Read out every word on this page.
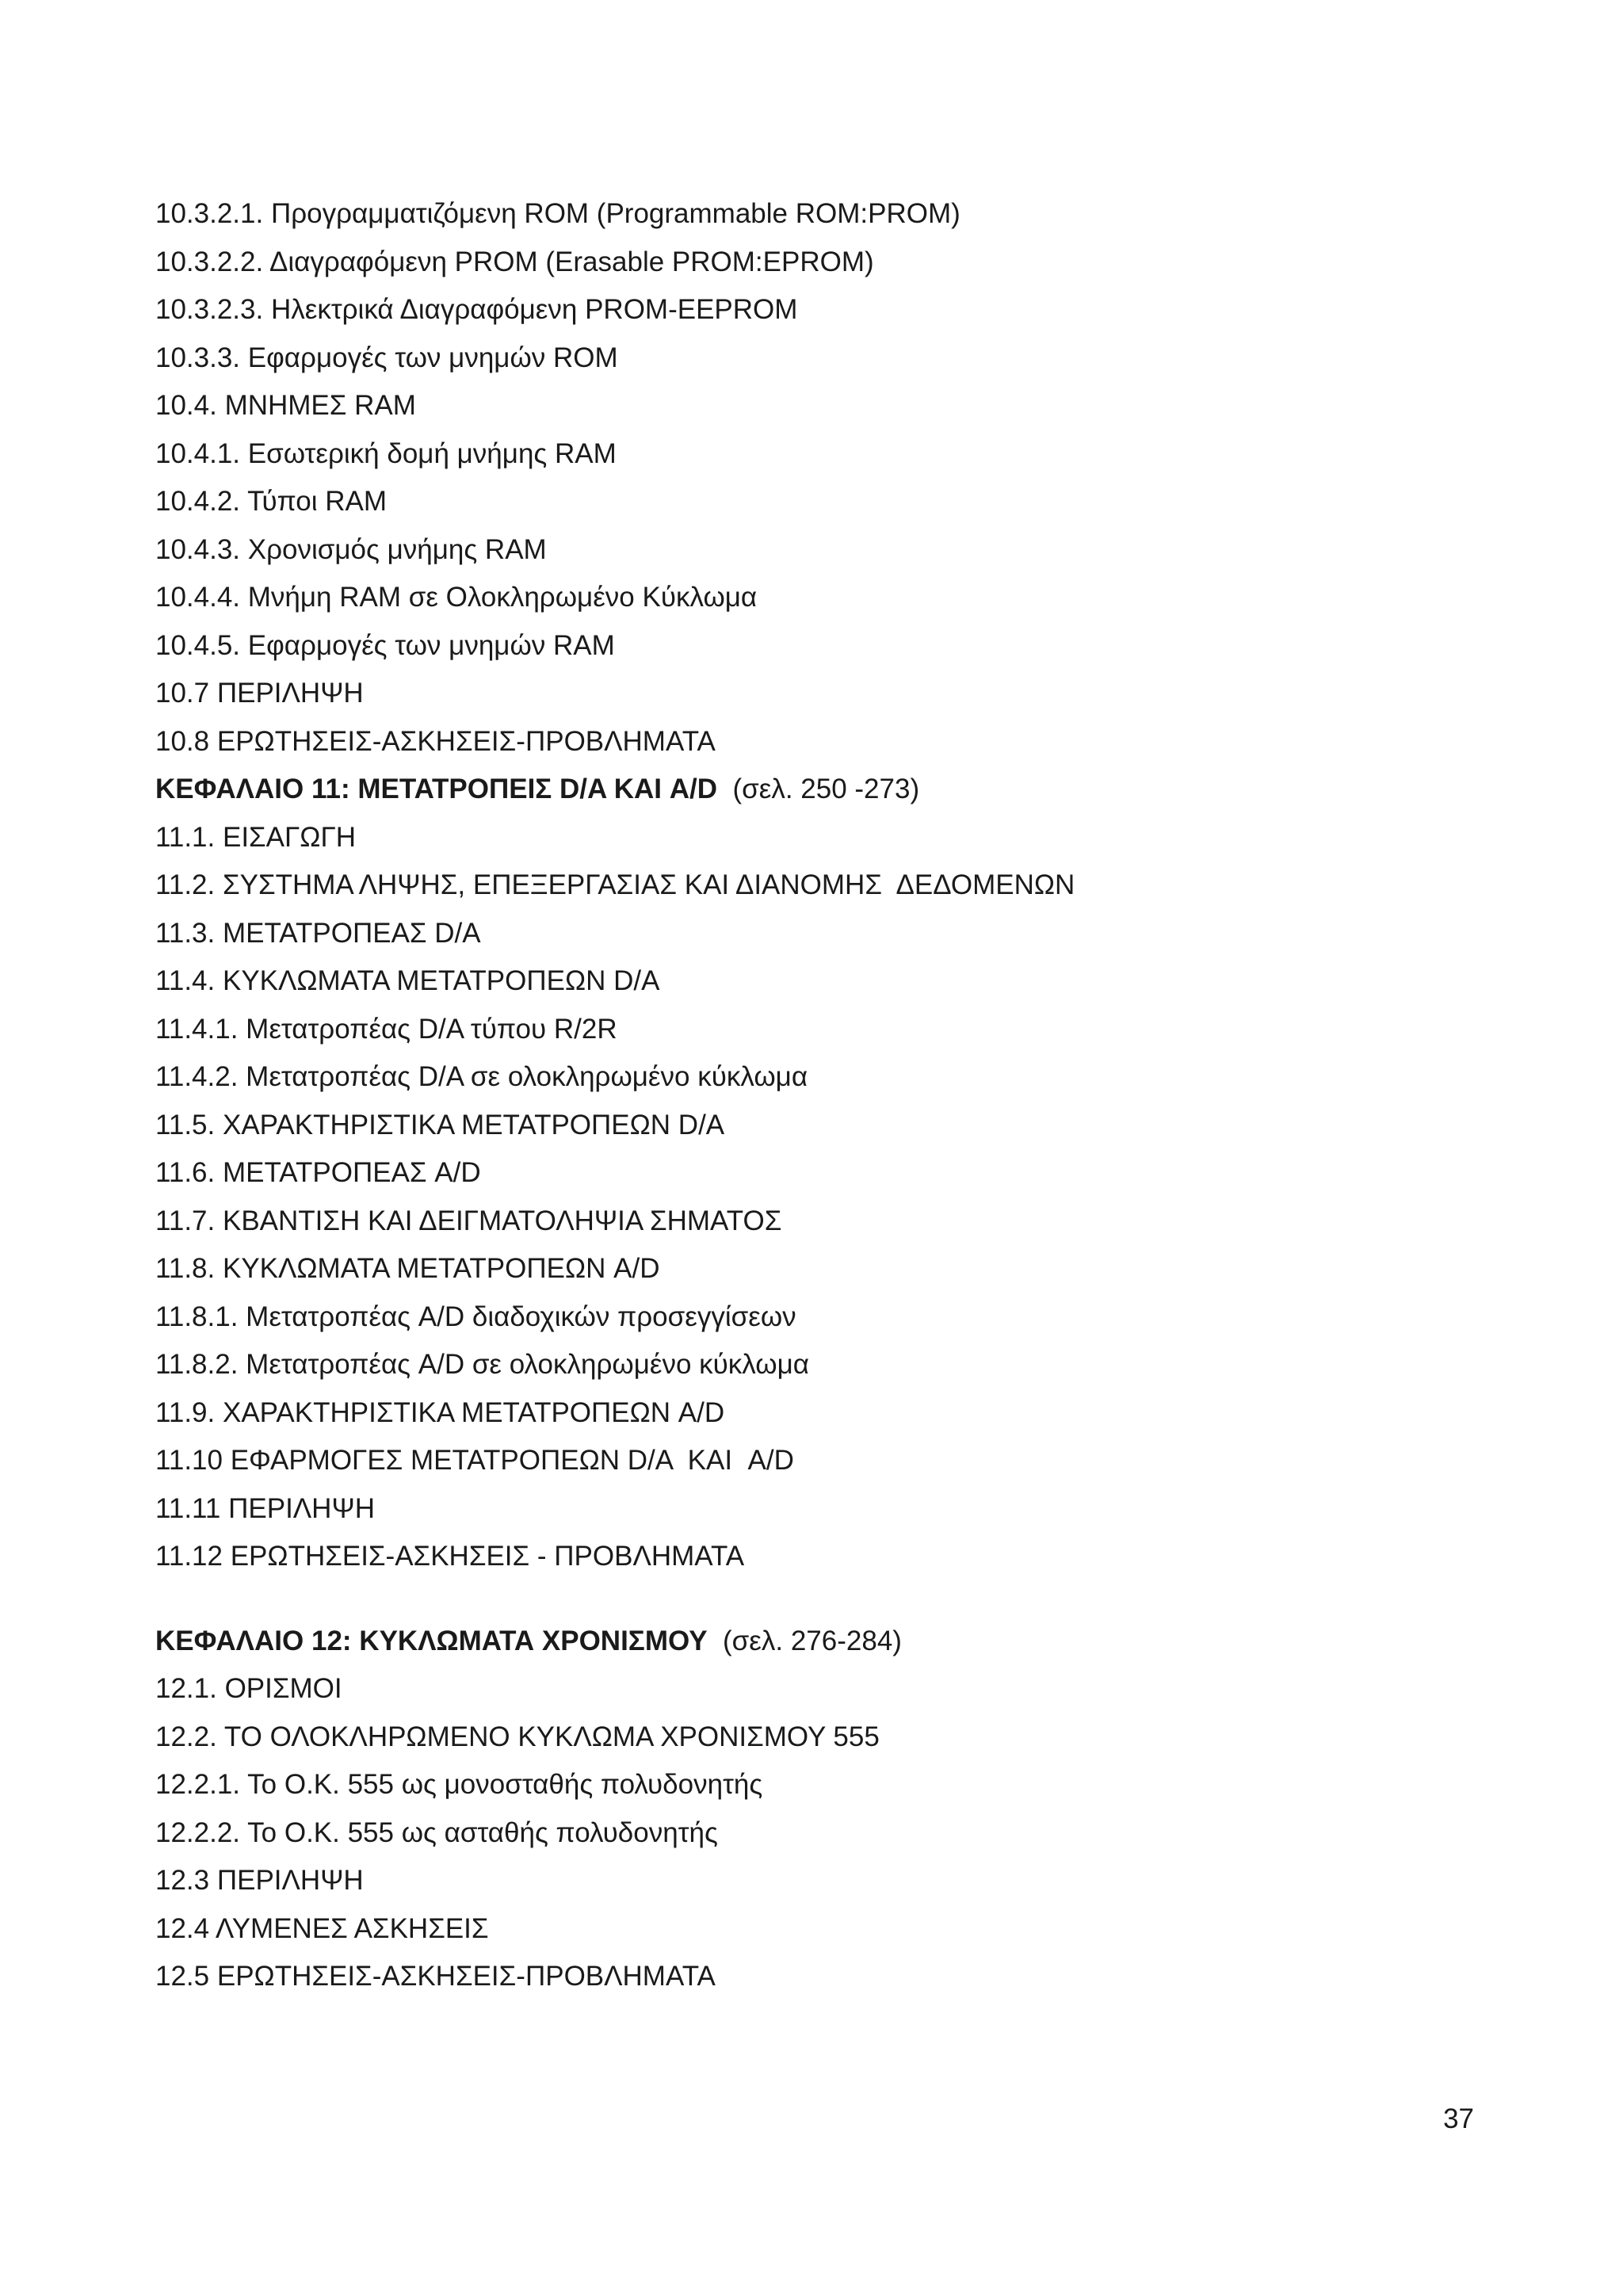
10.3.2.1. Προγραμματιζόμενη ROM (Programmable ROM:PROM)
10.3.2.2. Διαγραφόμενη PROM (Erasable PROM:EPROM)
10.3.2.3. Ηλεκτρικά Διαγραφόμενη PROM-EEPROM
10.3.3. Εφαρμογές των μνημών ROM
10.4. ΜΝΗΜΕΣ RAM
10.4.1. Εσωτερική δομή μνήμης RAM
10.4.2. Τύποι RAM
10.4.3. Χρονισμός μνήμης RAM
10.4.4. Μνήμη RAM σε Ολοκληρωμένο Κύκλωμα
10.4.5. Εφαρμογές των μνημών RAM
10.7 ΠΕΡΙΛΗΨΗ
10.8 ΕΡΩΤΗΣΕΙΣ-ΑΣΚΗΣΕΙΣ-ΠΡΟΒΛΗΜΑΤΑ
ΚΕΦΑΛΑΙΟ 11: ΜΕΤΑΤΡΟΠΕΙΣ D/A ΚΑΙ A/D (σελ. 250 -273)
11.1. ΕΙΣΑΓΩΓΗ
11.2. ΣΥΣΤΗΜΑ ΛΗΨΗΣ, ΕΠΕΞΕΡΓΑΣΙΑΣ ΚΑΙ ΔΙΑΝΟΜΗΣ  ΔΕΔΟΜΕΝΩΝ
11.3. ΜΕΤΑΤΡΟΠΕΑΣ D/A
11.4. ΚΥΚΛΩΜΑΤΑ ΜΕΤΑΤΡΟΠΕΩΝ D/A
11.4.1. Μετατροπέας D/A τύπου R/2R
11.4.2. Μετατροπέας D/A σε ολοκληρωμένο κύκλωμα
11.5. ΧΑΡΑΚΤΗΡΙΣΤΙΚΑ ΜΕΤΑΤΡΟΠΕΩΝ D/A
11.6. ΜΕΤΑΤΡΟΠΕΑΣ A/D
11.7. ΚΒΑΝΤΙΣΗ ΚΑΙ ΔΕΙΓΜΑΤΟΛΗΨΙΑ ΣΗΜΑΤΟΣ
11.8. ΚΥΚΛΩΜΑΤΑ ΜΕΤΑΤΡΟΠΕΩΝ A/D
11.8.1. Μετατροπέας A/D διαδοχικών προσεγγίσεων
11.8.2. Μετατροπέας A/D σε ολοκληρωμένο κύκλωμα
11.9. ΧΑΡΑΚΤΗΡΙΣΤΙΚΑ ΜΕΤΑΤΡΟΠΕΩΝ A/D
11.10 ΕΦΑΡΜΟΓΕΣ ΜΕΤΑΤΡΟΠΕΩΝ D/A  ΚΑΙ  A/D
11.11 ΠΕΡΙΛΗΨΗ
11.12 ΕΡΩΤΗΣΕΙΣ-ΑΣΚΗΣΕΙΣ - ΠΡΟΒΛΗΜΑΤΑ
ΚΕΦΑΛΑΙΟ 12: ΚΥΚΛΩΜΑΤΑ ΧΡΟΝΙΣΜΟΥ (σελ. 276-284)
12.1. ΟΡΙΣΜΟΙ
12.2. ΤΟ ΟΛΟΚΛΗΡΩΜΕΝΟ ΚΥΚΛΩΜΑ ΧΡΟΝΙΣΜΟΥ 555
12.2.1. Το Ο.Κ. 555 ως μονοσταθής πολυδονητής
12.2.2. Το Ο.Κ. 555 ως ασταθής πολυδονητής
12.3 ΠΕΡΙΛΗΨΗ
12.4 ΛΥΜΕΝΕΣ ΑΣΚΗΣΕΙΣ
12.5 ΕΡΩΤΗΣΕΙΣ-ΑΣΚΗΣΕΙΣ-ΠΡΟΒΛΗΜΑΤΑ
37
